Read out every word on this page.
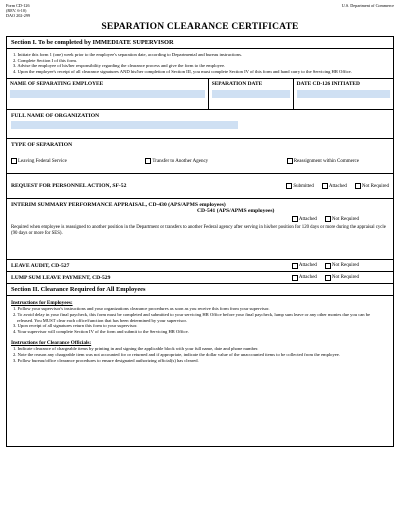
Form CD-126
(REV. 6-10)
DAO 202-299
U.S. Department of Commerce
SEPARATION CLEARANCE CERTIFICATE
Section I. To be completed by IMMEDIATE SUPERVISOR
1. Initiate this form 1 (one) week prior to the employee's separation date, according to Departmental and bureau instructions.
2. Complete Section I of this form.
3. Advise the employee of his/her responsibility regarding the clearance process and give the form to the employee.
4. Upon the employee's receipt of all clearance signatures AND his/her completion of Section III, you must complete Section IV of this form and hand carry to the Servicing HR Office.
NAME OF SEPARATING EMPLOYEE	SEPARATION DATE	DATE CD-126 INITIATED
FULL NAME OF ORGANIZATION
TYPE OF SEPARATION
Leaving Federal Service	Transfer to Another Agency	Reassignment within Commerce
REQUEST FOR PERSONNEL ACTION, SF-52	Submitted	Attached	Not Required
INTERIM SUMMARY PERFORMANCE APPRAISAL, CD-430 (APS/APMS employees)
CD-541 (APS/APMS employees)
Attached	Not Required
Required when employee is reassigned to another position in the Department or transfers to another Federal agency after serving in his/her position for 120 days or more during the appraisal cycle (90 days or more for SES).
LEAVE AUDIT, CD-527	Attached	Not Required
LUMP SUM LEAVE PAYMENT, CD-529	Attached	Not Required
Section II. Clearance Required for All Employees
Instructions for Employees:
1. Follow your supervisor's instructions and your organizations clearance procedures as soon as you receive this form from your supervisor.
2. To avoid delay in your final paycheck, this form must be completed and submitted to your servicing HR Office before your final paycheck, lump sum leave or any other monies due you can be released. You MUST clear each office/function that has been determined by your supervisor.
3. Upon receipt of all signatures return this form to your supervisor.
4. Your supervisor will complete Section IV of the form and submit to the Servicing HR Office.
Instructions for Clearance Officials:
1. Indicate clearance of chargeable items by printing in and signing the applicable block with your full name, date and phone number.
2. Note the reason any chargeable item was not accounted for or returned and if appropriate, indicate the dollar value of the unaccounted items to be collected from the employee.
3. Follow bureau/office clearance procedures to ensure designated authorizing official(s) has cleared.
